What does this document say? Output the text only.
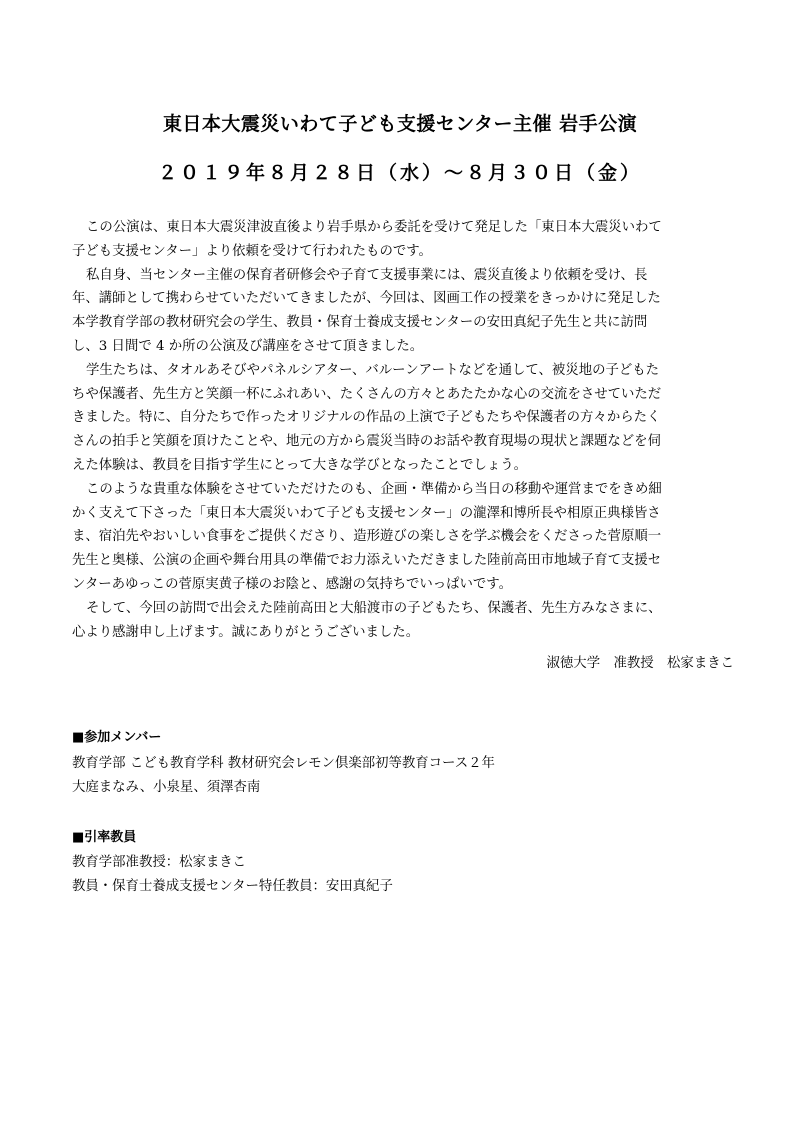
東日本大震災いわて子ども支援センター主催 岩手公演
２０１９年８月２８日（水）～８月３０日（金）
この公演は、東日本大震災津波直後より岩手県から委託を受けて発足した「東日本大震災いわて
子ども支援センター」より依頼を受けて行われたものです。
私自身、当センター主催の保育者研修会や子育て支援事業には、震災直後より依頼を受け、長
年、講師として携わらせていただいてきましたが、今回は、図画工作の授業をきっかけに発足した
本学教育学部の教材研究会の学生、教員・保育士養成支援センターの安田真紀子先生と共に訪問
し、3 日間で 4 か所の公演及び講座をさせて頂きました。
学生たちは、タオルあそびやパネルシアター、バルーンアートなどを通して、被災地の子どもた
ちや保護者、先生方と笑顔一杯にふれあい、たくさんの方々とあたたかな心の交流をさせていただ
きました。特に、自分たちで作ったオリジナルの作品の上演で子どもたちや保護者の方々からたく
さんの拍手と笑顔を頂けたことや、地元の方から震災当時のお話や教育現場の現状と課題などを伺
えた体験は、教員を目指す学生にとって大きな学びとなったことでしょう。
このような貴重な体験をさせていただけたのも、企画・準備から当日の移動や運営までをきめ細
かく支えて下さった「東日本大震災いわて子ども支援センター」の瀧澤和博所長や相原正典様皆さ
ま、宿泊先やおいしい食事をご提供くださり、造形遊びの楽しさを学ぶ機会をくださった菅原順一
先生と奥様、公演の企画や舞台用具の準備でお力添えいただきました陸前高田市地域子育て支援セ
ンターあゆっこの菅原実黄子様のお陰と、感謝の気持ちでいっぱいです。
そして、今回の訪問で出会えた陸前高田と大船渡市の子どもたち、保護者、先生方みなさまに、
心より感謝申し上げます。誠にありがとうございました。
淑徳大学　准教授　松家まきこ
■参加メンバー
教育学部 こども教育学科 教材研究会レモン倶楽部初等教育コース２年
大庭まなみ、小泉星、須澤杏南
■引率教員
教育学部准教授：松家まきこ
教員・保育士養成支援センター特任教員：安田真紀子
